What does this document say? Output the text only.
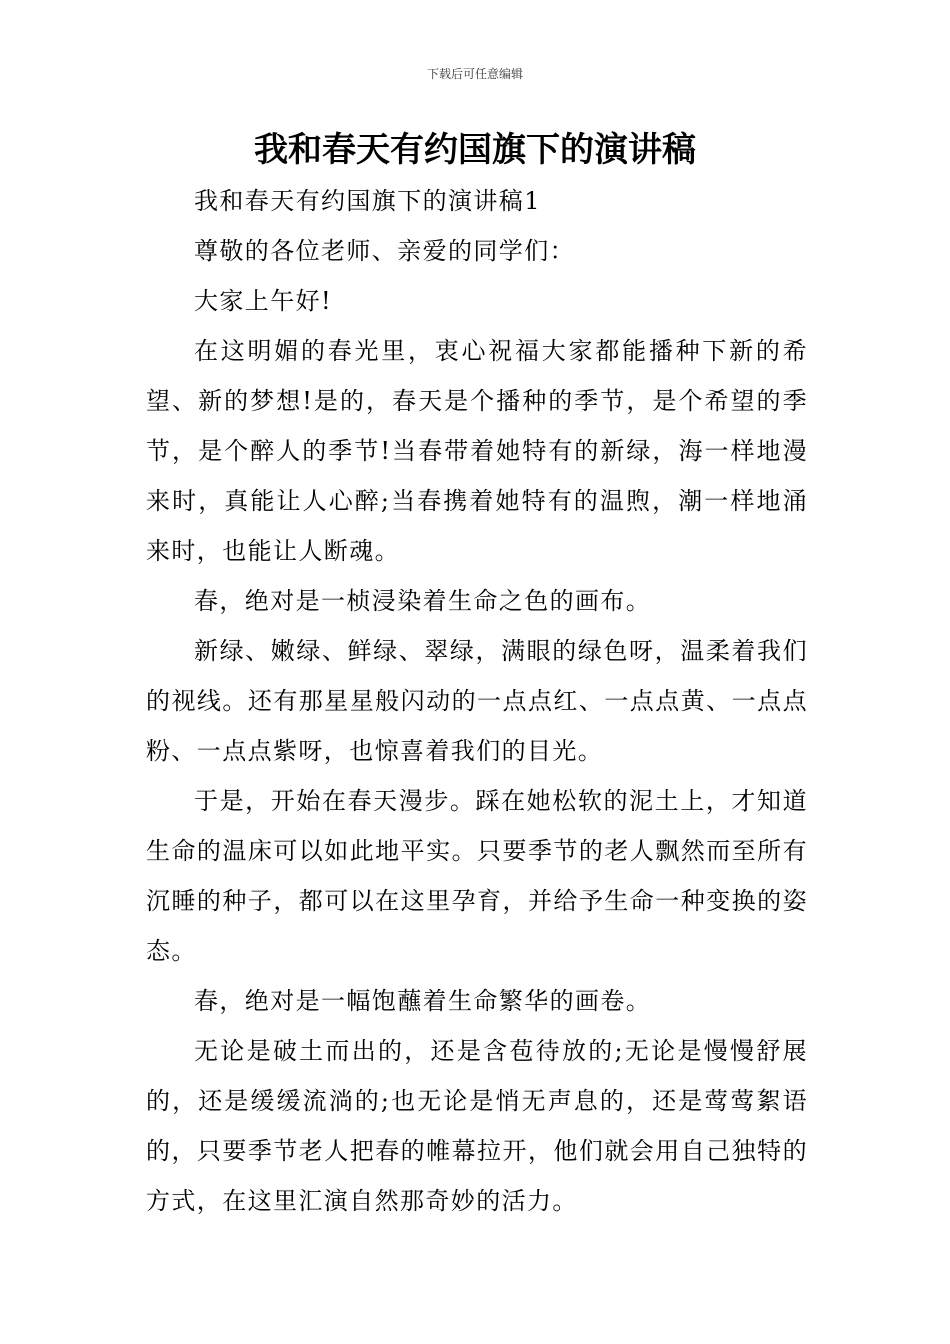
下载后可任意编辑
我和春天有约国旗下的演讲稿

我和春天有约国旗下的演讲稿1

尊敬的各位老师、亲爱的同学们：

大家上午好!

在这明媚的春光里，衷心祝福大家都能播种下新的希望、新的梦想!是的，春天是个播种的季节，是个希望的季节，是个醉人的季节!当春带着她特有的新绿，海一样地漫来时，真能让人心醉;当春携着她特有的温煦，潮一样地涌来时，也能让人断魂。

春，绝对是一桢浸染着生命之色的画布。

新绿、嫩绿、鲜绿、翠绿，满眼的绿色呀，温柔着我们的视线。还有那星星般闪动的一点点红、一点点黄、一点点粉、一点点紫呀，也惊喜着我们的目光。

于是，开始在春天漫步。踩在她松软的泥土上，才知道生命的温床可以如此地平实。只要季节的老人飘然而至所有沉睡的种子，都可以在这里孕育，并给予生命一种变换的姿态。

春，绝对是一幅饱蘸着生命繁华的画卷。

无论是破土而出的，还是含苞待放的;无论是慢慢舒展的，还是缓缓流淌的;也无论是悄无声息的，还是莺莺絮语的，只要季节老人把春的帷幕拉开，他们就会用自己独特的方式，在这里汇演自然那奇妙的活力。
